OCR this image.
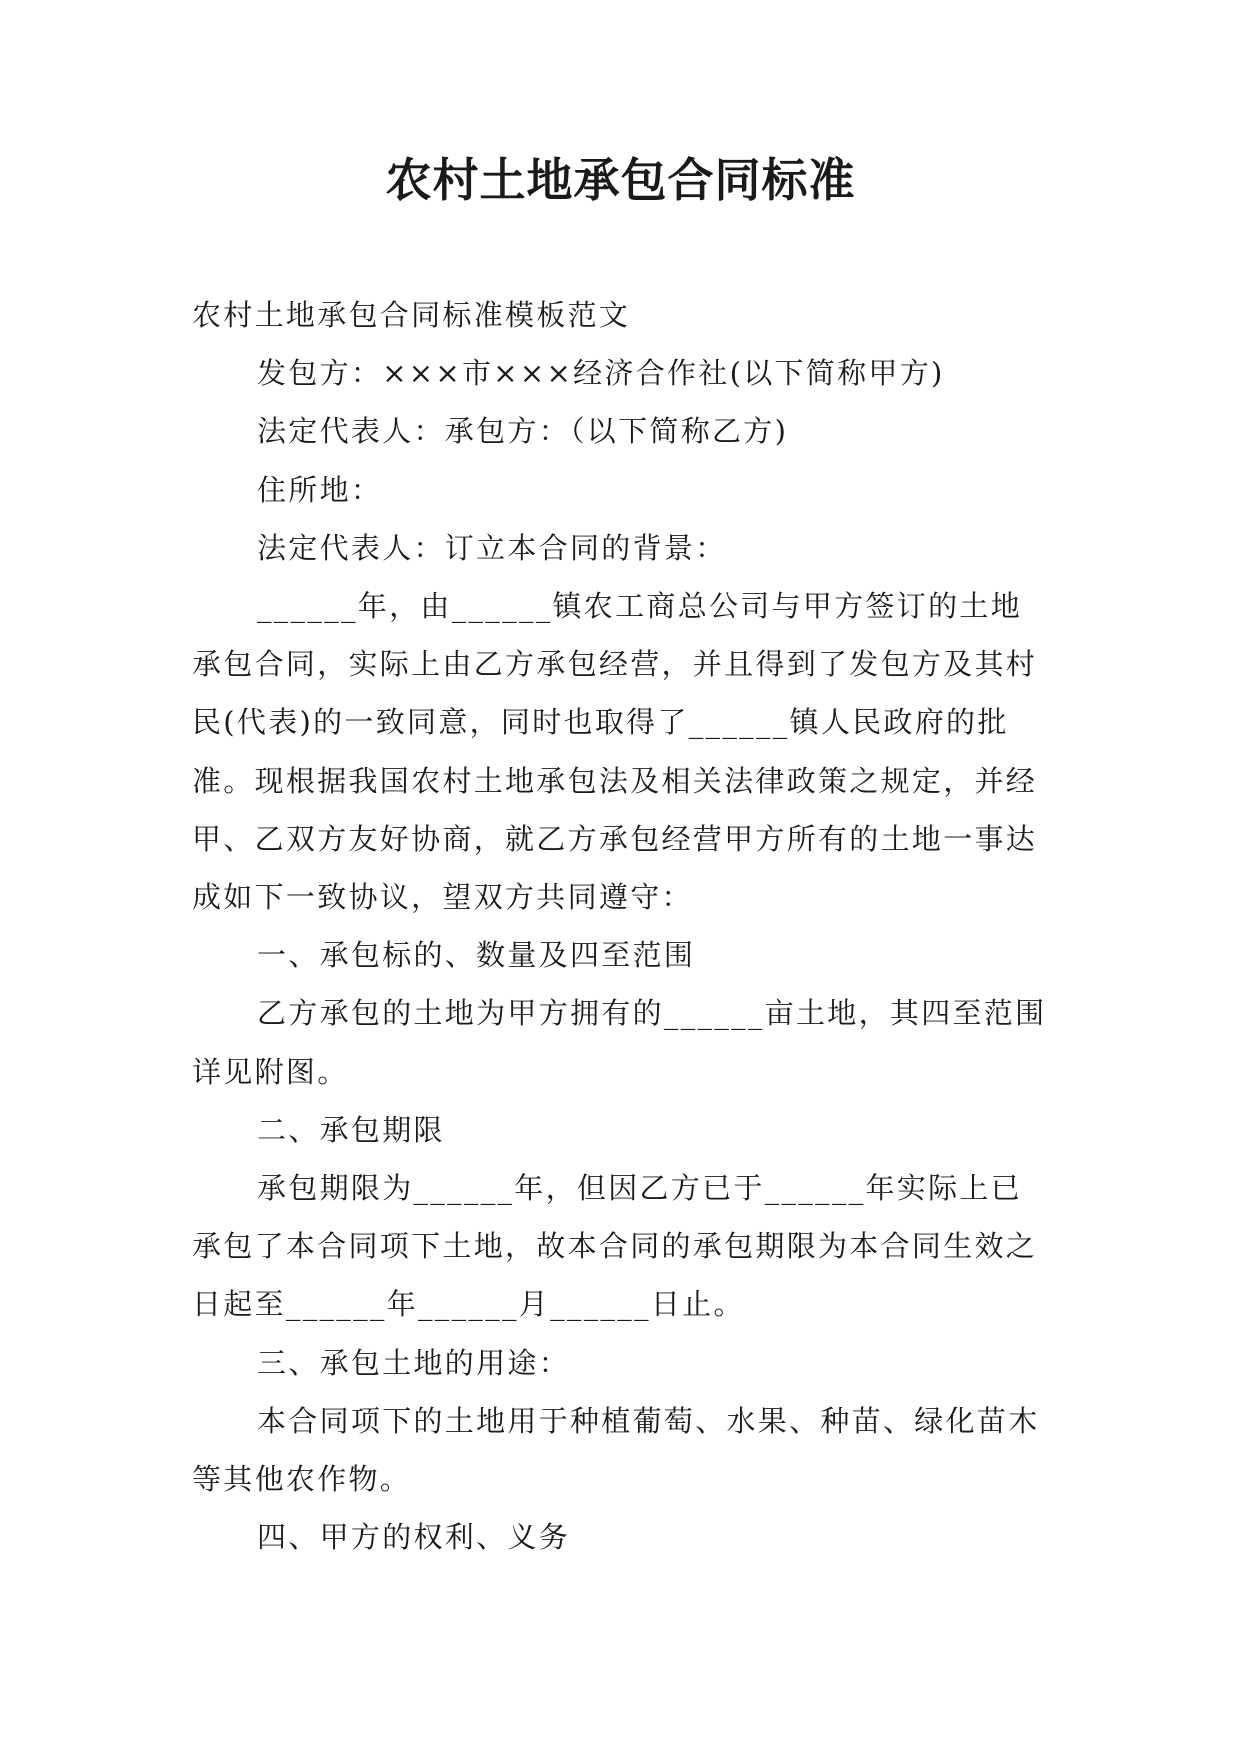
农村土地承包合同标准

农村土地承包合同标准模板范文

发包方：×××市×××经济合作社(以下简称甲方)

法定代表人：承包方：（以下简称乙方)

住所地：

法定代表人：订立本合同的背景：

______年，由______镇农工商总公司与甲方签订的土地承包合同，实际上由乙方承包经营，并且得到了发包方及其村民(代表)的一致同意，同时也取得了______镇人民政府的批准。现根据我国农村土地承包法及相关法律政策之规定，并经甲、乙双方友好协商，就乙方承包经营甲方所有的土地一事达成如下一致协议，望双方共同遵守：

一、承包标的、数量及四至范围

乙方承包的土地为甲方拥有的______亩土地，其四至范围详见附图。

二、承包期限

承包期限为______年，但因乙方已于______年实际上已承包了本合同项下土地，故本合同的承包期限为本合同生效之日起至______年______月______日止。

三、承包土地的用途：

本合同项下的土地用于种植葡萄、水果、种苗、绿化苗木等其他农作物。

四、甲方的权利、义务
